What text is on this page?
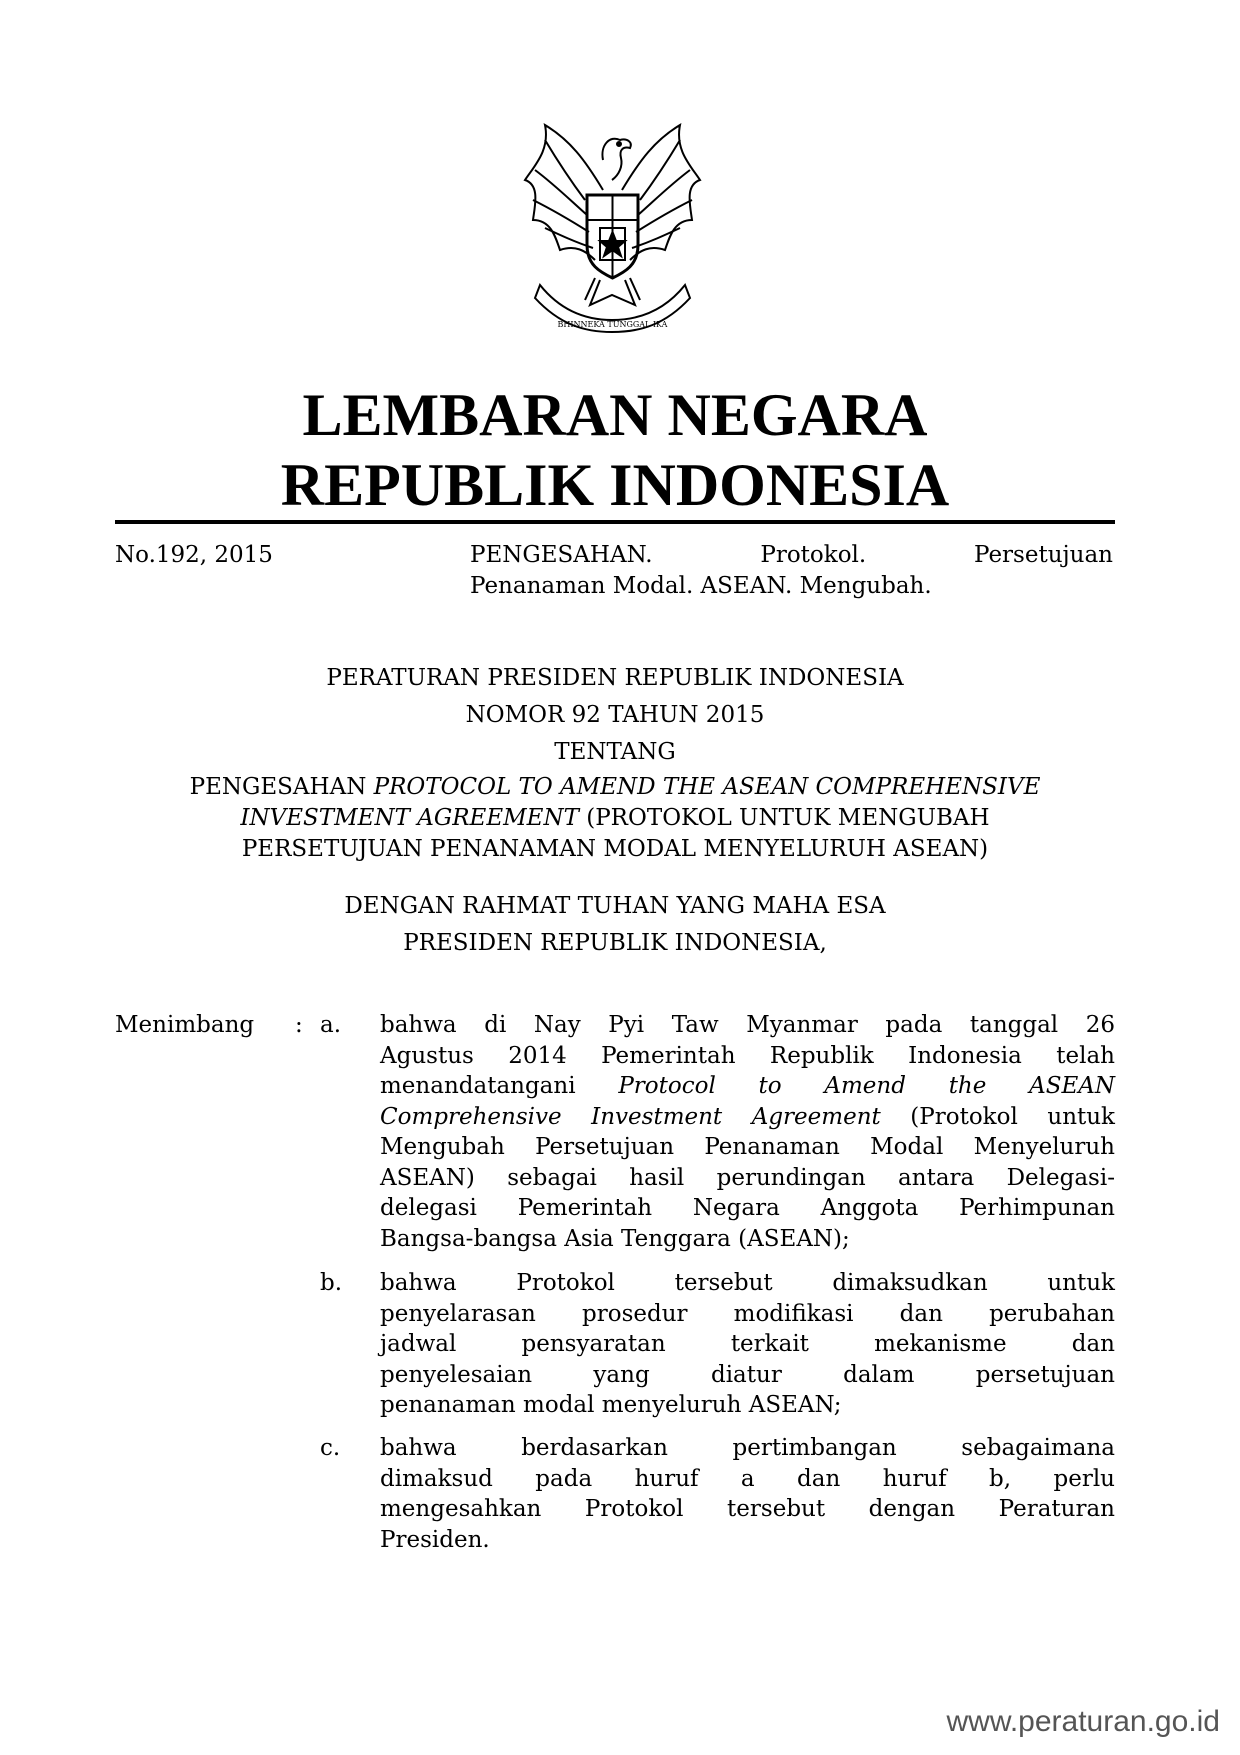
BHINNEKA TUNGGAL IKA
LEMBARAN NEGARA
REPUBLIK INDONESIA
No.192, 2015	PENGESAHAN. Protokol. Persetujuan
Penanaman Modal. ASEAN. Mengubah.
PERATURAN PRESIDEN REPUBLIK INDONESIA
NOMOR 92 TAHUN 2015
TENTANG
PENGESAHAN PROTOCOL TO AMEND THE ASEAN COMPREHENSIVE
INVESTMENT AGREEMENT (PROTOKOL UNTUK MENGUBAH
PERSETUJUAN PENANAMAN MODAL MENYELURUH ASEAN)
DENGAN RAHMAT TUHAN YANG MAHA ESA
PRESIDEN REPUBLIK INDONESIA,
Menimbang : a. bahwa di Nay Pyi Taw Myanmar pada tanggal 26
Agustus 2014 Pemerintah Republik Indonesia telah
menandatangani Protocol to Amend the ASEAN
Comprehensive Investment Agreement (Protokol untuk
Mengubah Persetujuan Penanaman Modal Menyeluruh
ASEAN) sebagai hasil perundingan antara Delegasi-
delegasi Pemerintah Negara Anggota Perhimpunan
Bangsa-bangsa Asia Tenggara (ASEAN);
b. bahwa Protokol tersebut dimaksudkan untuk
penyelarasan prosedur modifikasi dan perubahan
jadwal pensyaratan terkait mekanisme dan
penyelesaian yang diatur dalam persetujuan
penanaman modal menyeluruh ASEAN;
c. bahwa berdasarkan pertimbangan sebagaimana
dimaksud pada huruf a dan huruf b, perlu
mengesahkan Protokol tersebut dengan Peraturan
Presiden.
www.peraturan.go.id
